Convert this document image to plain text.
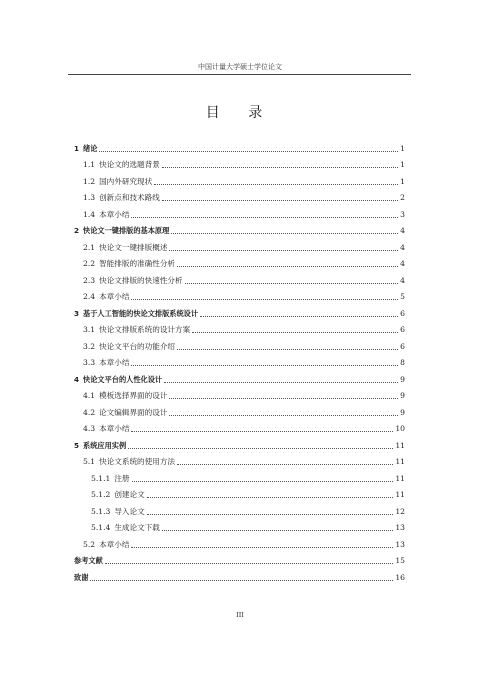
中国计量大学硕士学位论文
目 录
1 绪论	1
1.1 快论文的选题背景	1
1.2 国内外研究现状	1
1.3 创新点和技术路线	2
1.4 本章小结	3
2 快论文一键排版的基本原理	4
2.1 快论文一键排版概述	4
2.2 智能排版的准确性分析	4
2.3 快论文排版的快速性分析	4
2.4 本章小结	5
3 基于人工智能的快论文排版系统设计	6
3.1 快论文排版系统的设计方案	6
3.2 快论文平台的功能介绍	6
3.3 本章小结	8
4 快论文平台的人性化设计	9
4.1 模板选择界面的设计	9
4.2 论文编辑界面的设计	9
4.3 本章小结	10
5 系统应用实例	11
5.1 快论文系统的使用方法	11
5.1.1 注册	11
5.1.2 创建论文	11
5.1.3 导入论文	12
5.1.4 生成论文下载	13
5.2 本章小结	13
参考文献	15
致谢	16
III
